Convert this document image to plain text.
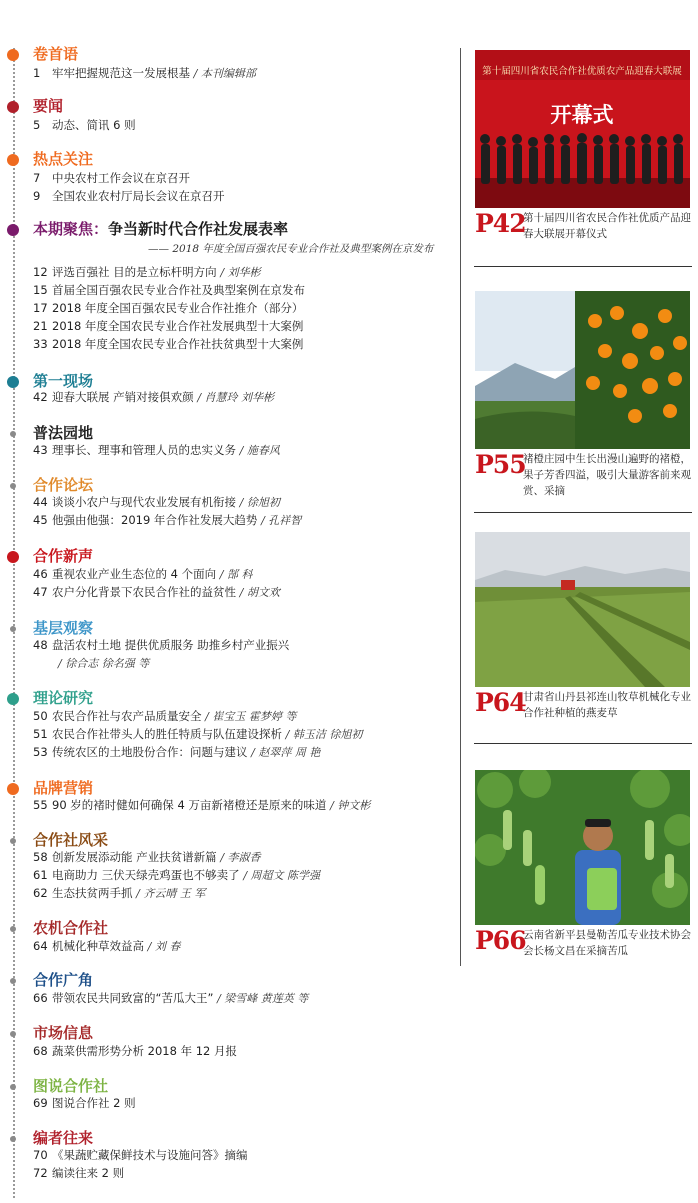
卷首语
1 牢牢把握规范这一发展根基 / 本刊编辑部
要闻
5 动态、简讯 6 则
热点关注
7 中央农村工作会议在京召开
9 全国农业农村厅局长会议在京召开
本期聚焦：争当新时代合作社发展表率
—— 2018 年度全国百强农民专业合作社及典型案例在京发布
12 评选百强社 目的是立标杆明方向 / 刘华彬
15 首届全国百强农民专业合作社及典型案例在京发布
17 2018 年度全国百强农民专业合作社推介（部分）
21 2018 年度全国农民专业合作社发展典型十大案例
33 2018 年度全国农民专业合作社扶贫典型十大案例
第一现场
42 迎春大联展 产销对接俱欢颜 / 肖慧玲 刘华彬
普法园地
43 理事长、理事和管理人员的忠实义务 / 施春风
合作论坛
44 谈谈小农户与现代农业发展有机衔接 / 徐旭初
45 他强由他强：2019 年合作社发展大趋势 / 孔祥智
合作新声
46 重视农业产业生态位的 4 个面向 / 郜 科
47 农户分化背景下农民合作社的益贫性 / 胡文欢
基层观察
48 盘活农村土地 提供优质服务 助推乡村产业振兴
/ 徐合志 徐名强 等
理论研究
50 农民合作社与农产品质量安全 / 崔宝玉 霍梦婷 等
51 农民合作社带头人的胜任特质与队伍建设探析 / 韩玉洁 徐旭初
53 传统农区的土地股份合作：问题与建议 / 赵翠萍 周 艳
品牌营销
55 90 岁的褚时健如何确保 4 万亩新褚橙还是原来的味道 / 钟文彬
合作社风采
58 创新发展添动能 产业扶贫谱新篇 / 李淑香
61 电商助力 三伏天绿壳鸡蛋也不够卖了 / 周超文 陈学强
62 生态扶贫两手抓 / 齐云晴 王 军
农机合作社
64 机械化种草效益高 / 刘 春
合作广角
66 带领农民共同致富的“苦瓜大王” / 梁雪峰 黄莲英 等
市场信息
68 蔬菜供需形势分析 2018 年 12 月报
图说合作社
69 图说合作社 2 则
编者往来
70 《果蔬贮藏保鲜技术与设施问答》摘编
72 编读往来 2 则
第十届四川省农民合作社优质农产品迎春大联展
开幕式
P42
第十届四川省农民合作社优质产品迎春大联展开幕仪式
P55
褚橙庄园中生长出漫山遍野的褚橙，果子芳香四溢，吸引大量游客前来观赏、采摘
P64
甘肃省山丹县祁连山牧草机械化专业合作社种植的燕麦草
P66
云南省新平县曼勒苦瓜专业技术协会会长杨文昌在采摘苦瓜
